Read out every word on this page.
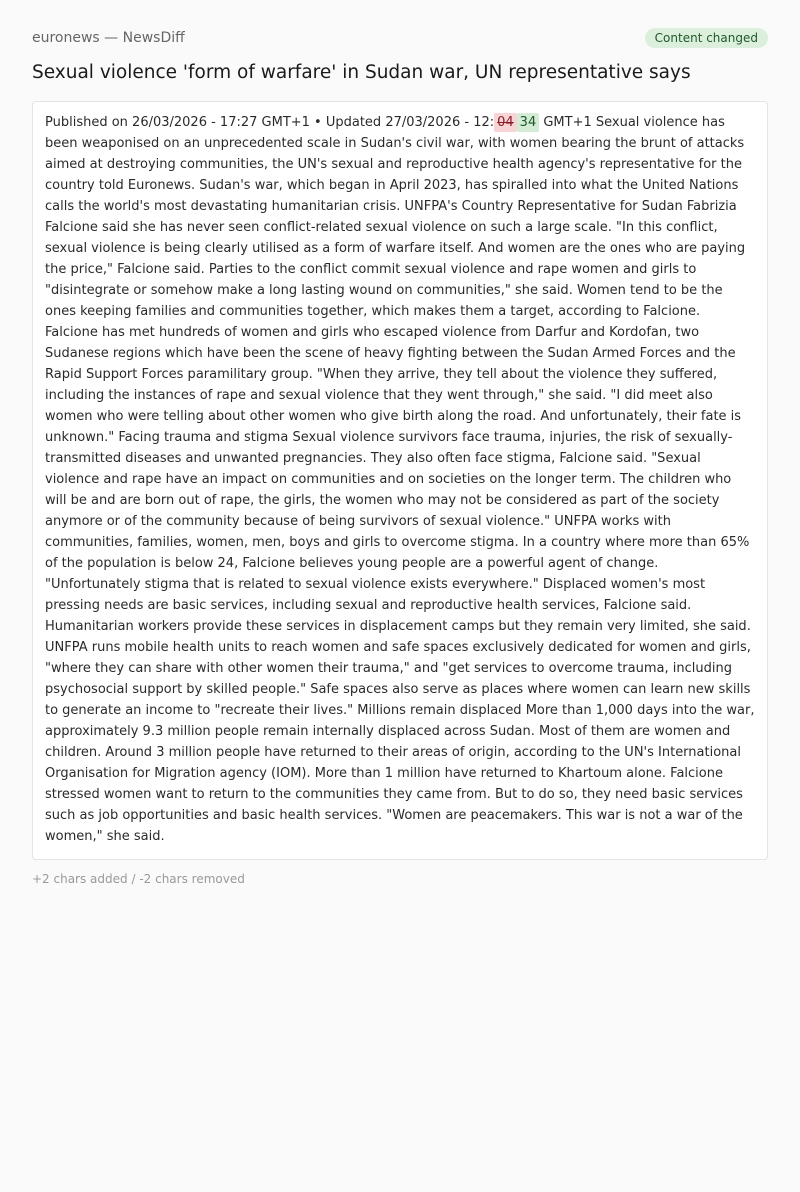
euronews — NewsDiff	Content changed
Sexual violence 'form of warfare' in Sudan war, UN representative says

Published on 26/03/2026 - 17:27 GMT+1 • Updated 27/03/2026 - 12: 04 34 GMT+1 Sexual violence has been weaponised on an unprecedented scale in Sudan's civil war, with women bearing the brunt of attacks aimed at destroying communities, the UN's sexual and reproductive health agency's representative for the country told Euronews. Sudan's war, which began in April 2023, has spiralled into what the United Nations calls the world's most devastating humanitarian crisis. UNFPA's Country Representative for Sudan Fabrizia Falcione said she has never seen conflict-related sexual violence on such a large scale. "In this conflict, sexual violence is being clearly utilised as a form of warfare itself. And women are the ones who are paying the price," Falcione said. Parties to the conflict commit sexual violence and rape women and girls to "disintegrate or somehow make a long lasting wound on communities," she said. Women tend to be the ones keeping families and communities together, which makes them a target, according to Falcione. Falcione has met hundreds of women and girls who escaped violence from Darfur and Kordofan, two Sudanese regions which have been the scene of heavy fighting between the Sudan Armed Forces and the Rapid Support Forces paramilitary group. "When they arrive, they tell about the violence they suffered, including the instances of rape and sexual violence that they went through," she said. "I did meet also women who were telling about other women who give birth along the road. And unfortunately, their fate is unknown." Facing trauma and stigma Sexual violence survivors face trauma, injuries, the risk of sexually-transmitted diseases and unwanted pregnancies. They also often face stigma, Falcione said. "Sexual violence and rape have an impact on communities and on societies on the longer term. The children who will be and are born out of rape, the girls, the women who may not be considered as part of the society anymore or of the community because of being survivors of sexual violence." UNFPA works with communities, families, women, men, boys and girls to overcome stigma. In a country where more than 65% of the population is below 24, Falcione believes young people are a powerful agent of change. "Unfortunately stigma that is related to sexual violence exists everywhere." Displaced women's most pressing needs are basic services, including sexual and reproductive health services, Falcione said. Humanitarian workers provide these services in displacement camps but they remain very limited, she said. UNFPA runs mobile health units to reach women and safe spaces exclusively dedicated for women and girls, "where they can share with other women their trauma," and "get services to overcome trauma, including psychosocial support by skilled people." Safe spaces also serve as places where women can learn new skills to generate an income to "recreate their lives." Millions remain displaced More than 1,000 days into the war, approximately 9.3 million people remain internally displaced across Sudan. Most of them are women and children. Around 3 million people have returned to their areas of origin, according to the UN's International Organisation for Migration agency (IOM). More than 1 million have returned to Khartoum alone. Falcione stressed women want to return to the communities they came from. But to do so, they need basic services such as job opportunities and basic health services. "Women are peacemakers. This war is not a war of the women," she said.

+2 chars added / -2 chars removed
